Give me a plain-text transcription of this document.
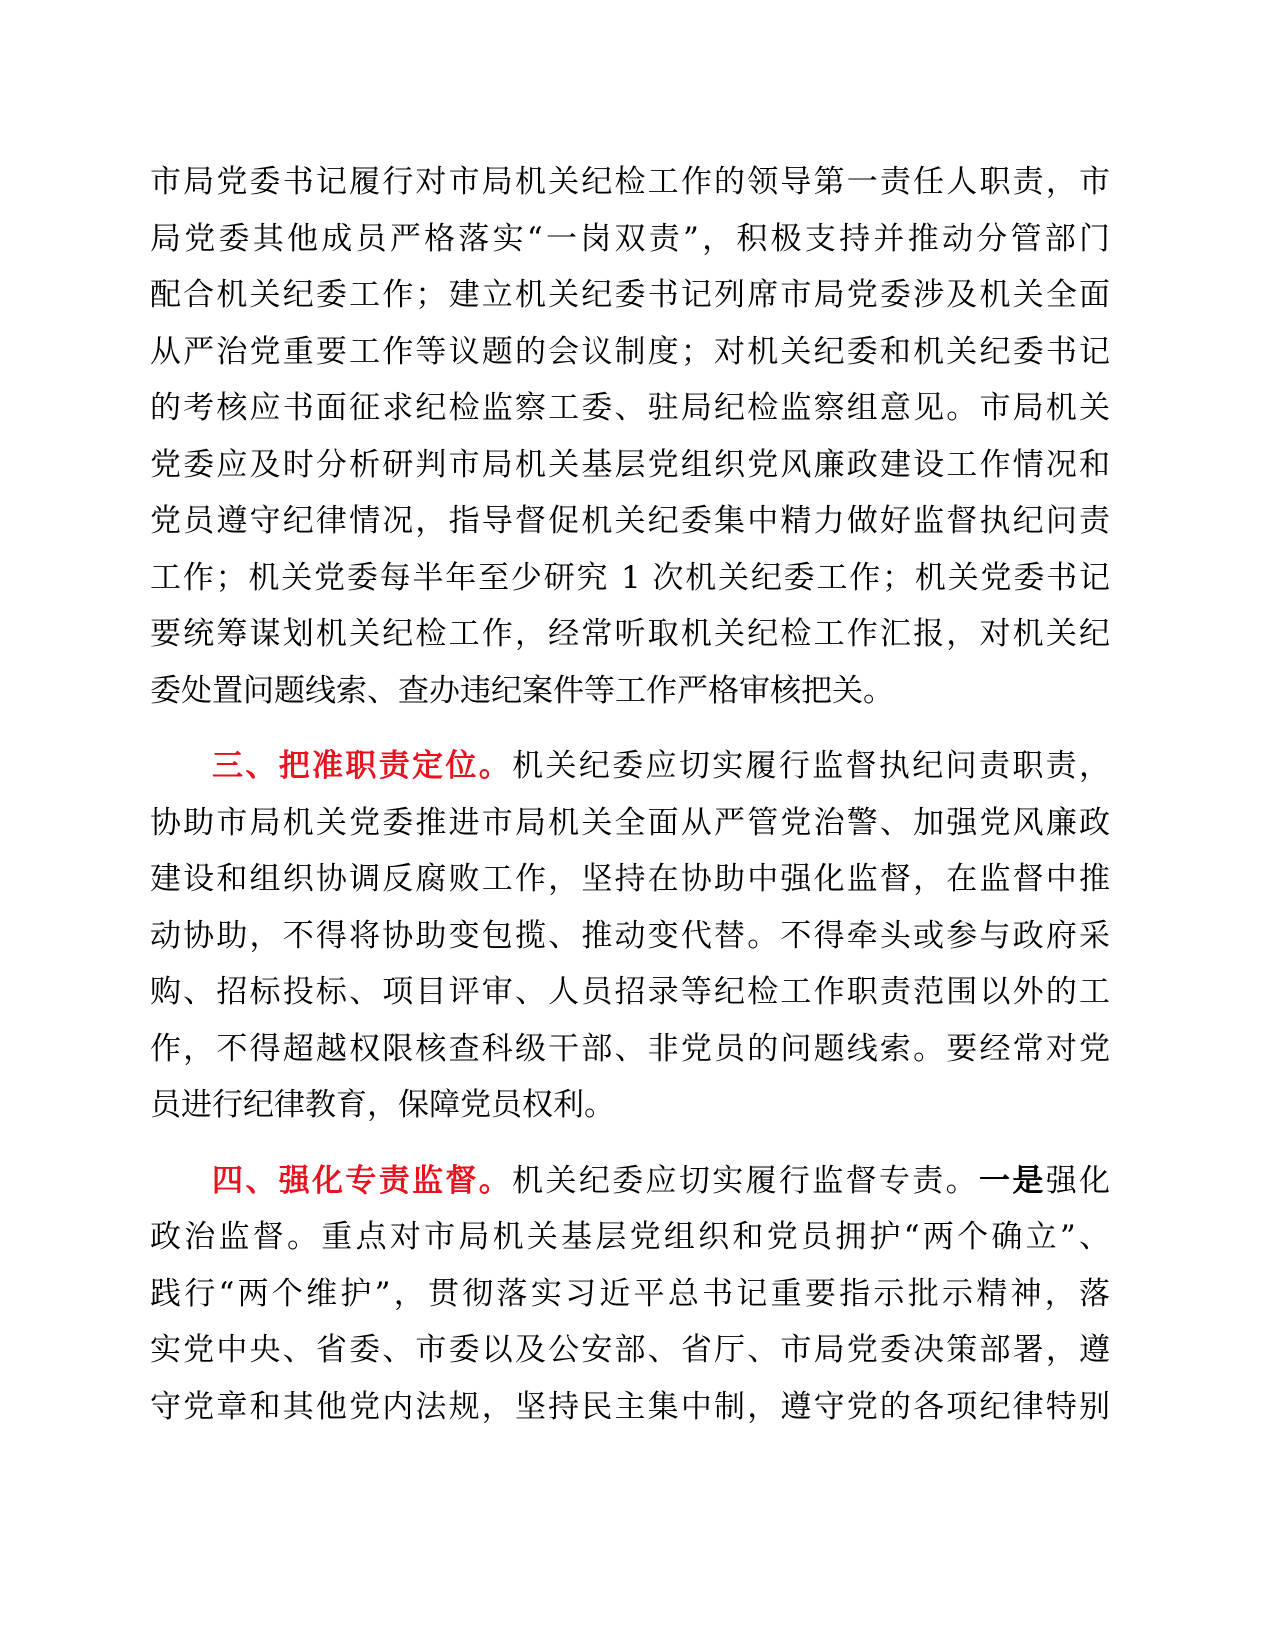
市局党委书记履行对市局机关纪检工作的领导第一责任人职责，市
局党委其他成员严格落实“一岗双责”，积极支持并推动分管部门
配合机关纪委工作；建立机关纪委书记列席市局党委涉及机关全面
从严治党重要工作等议题的会议制度；对机关纪委和机关纪委书记
的考核应书面征求纪检监察工委、驻局纪检监察组意见。市局机关
党委应及时分析研判市局机关基层党组织党风廉政建设工作情况和
党员遵守纪律情况，指导督促机关纪委集中精力做好监督执纪问责
工作；机关党委每半年至少研究 1 次机关纪委工作；机关党委书记
要统筹谋划机关纪检工作，经常听取机关纪检工作汇报，对机关纪
委处置问题线索、查办违纪案件等工作严格审核把关。
三、把准职责定位。机关纪委应切实履行监督执纪问责职责，
协助市局机关党委推进市局机关全面从严管党治警、加强党风廉政
建设和组织协调反腐败工作，坚持在协助中强化监督，在监督中推
动协助，不得将协助变包揽、推动变代替。不得牵头或参与政府采
购、招标投标、项目评审、人员招录等纪检工作职责范围以外的工
作，不得超越权限核查科级干部、非党员的问题线索。要经常对党
员进行纪律教育，保障党员权利。
四、强化专责监督。机关纪委应切实履行监督专责。一是强化
政治监督。重点对市局机关基层党组织和党员拥护“两个确立”、
践行“两个维护”，贯彻落实习近平总书记重要指示批示精神，落
实党中央、省委、市委以及公安部、省厅、市局党委决策部署，遵
守党章和其他党内法规，坚持民主集中制，遵守党的各项纪律特别
